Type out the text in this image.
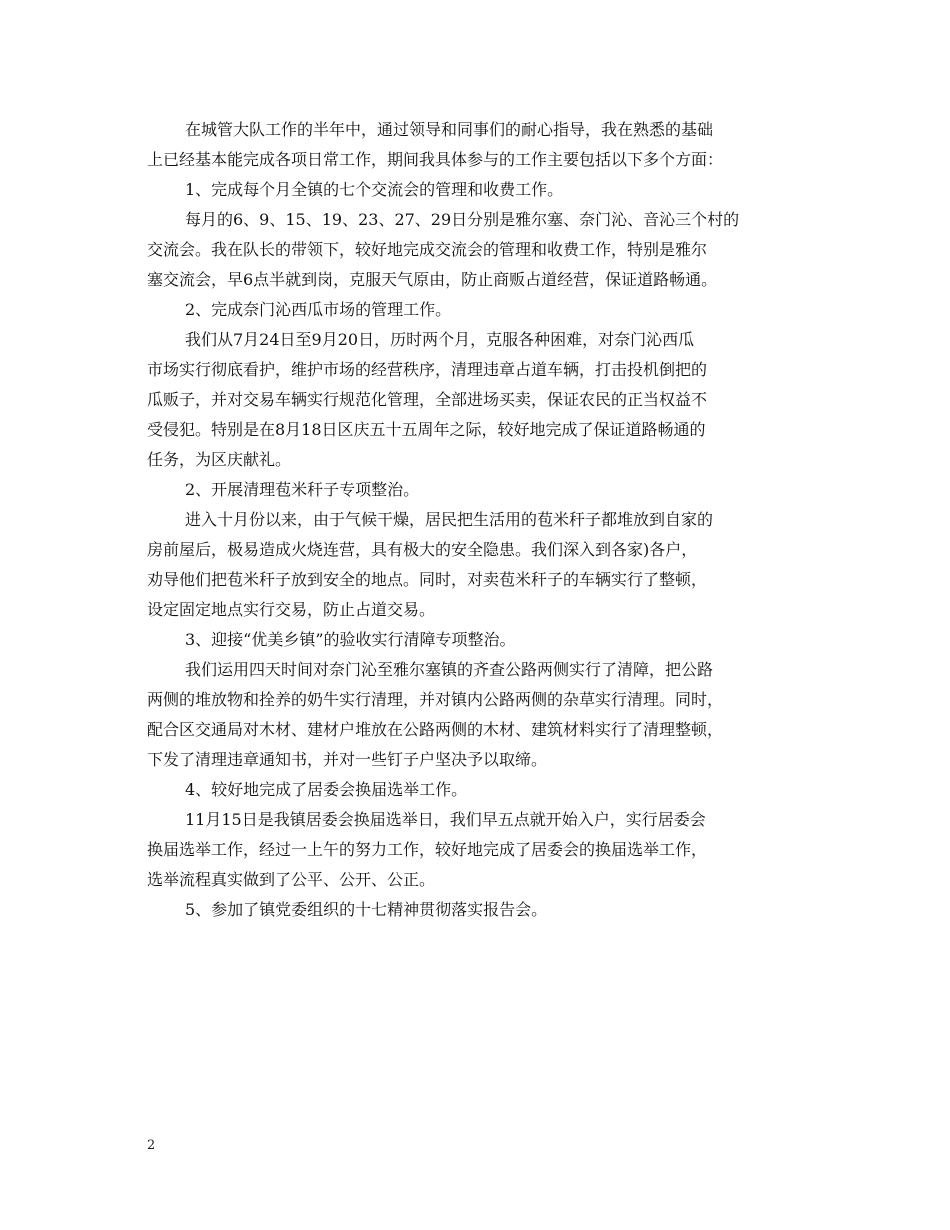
在城管大队工作的半年中，通过领导和同事们的耐心指导，我在熟悉的基础
上已经基本能完成各项日常工作，期间我具体参与的工作主要包括以下多个方面：
1、完成每个月全镇的七个交流会的管理和收费工作。
每月的6、9、15、19、23、27、29日分别是雅尔塞、奈门沁、音沁三个村的
交流会。我在队长的带领下，较好地完成交流会的管理和收费工作，特别是雅尔
塞交流会，早6点半就到岗，克服天气原由，防止商贩占道经营，保证道路畅通。
2、完成奈门沁西瓜市场的管理工作。
我们从7月24日至9月20日，历时两个月，克服各种困难，对奈门沁西瓜
市场实行彻底看护，维护市场的经营秩序，清理违章占道车辆，打击投机倒把的
瓜贩子，并对交易车辆实行规范化管理，全部进场买卖，保证农民的正当权益不
受侵犯。特别是在8月18日区庆五十五周年之际，较好地完成了保证道路畅通的
任务，为区庆献礼。
2、开展清理苞米秆子专项整治。
进入十月份以来，由于气候干燥，居民把生活用的苞米秆子都堆放到自家的
房前屋后，极易造成火烧连营，具有极大的安全隐患。我们深入到各家)各户，
劝导他们把苞米秆子放到安全的地点。同时，对卖苞米秆子的车辆实行了整顿，
设定固定地点实行交易，防止占道交易。
3、迎接“优美乡镇”的验收实行清障专项整治。
我们运用四天时间对奈门沁至雅尔塞镇的齐查公路两侧实行了清障，把公路
两侧的堆放物和拴养的奶牛实行清理，并对镇内公路两侧的杂草实行清理。同时，
配合区交通局对木材、建材户堆放在公路两侧的木材、建筑材料实行了清理整顿，
下发了清理违章通知书，并对一些钉子户坚决予以取缔。
4、较好地完成了居委会换届选举工作。
11月15日是我镇居委会换届选举日，我们早五点就开始入户，实行居委会
换届选举工作，经过一上午的努力工作，较好地完成了居委会的换届选举工作，
选举流程真实做到了公平、公开、公正。
5、参加了镇党委组织的十七精神贯彻落实报告会。
2
